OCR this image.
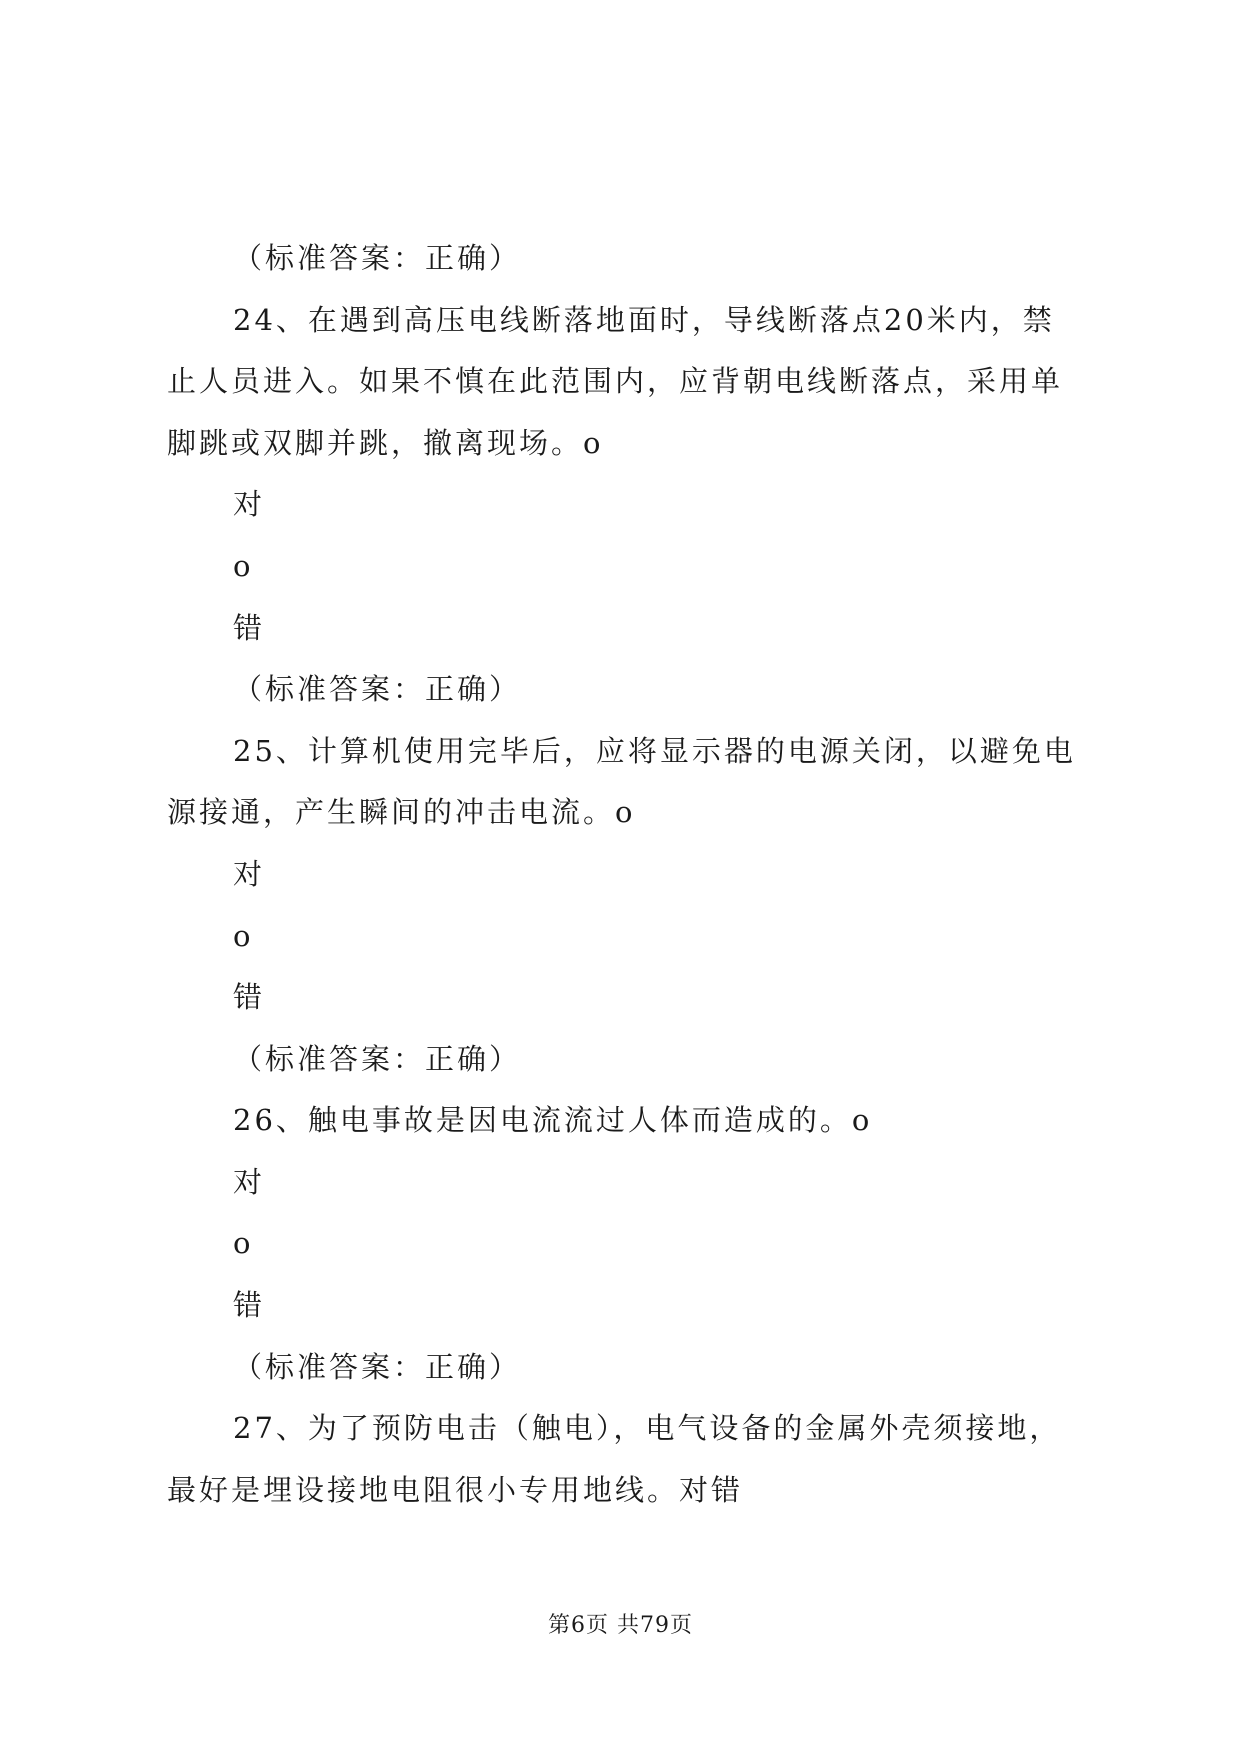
（标准答案：正确）
24、在遇到高压电线断落地面时，导线断落点20米内，禁
止人员进入。如果不慎在此范围内，应背朝电线断落点，采用单
脚跳或双脚并跳，撤离现场。o
对
o
错
（标准答案：正确）
25、计算机使用完毕后，应将显示器的电源关闭，以避免电
源接通，产生瞬间的冲击电流。o
对
o
错
（标准答案：正确）
26、触电事故是因电流流过人体而造成的。o
对
o
错
（标准答案：正确）
27、为了预防电击（触电），电气设备的金属外壳须接地，
最好是埋设接地电阻很小专用地线。对错
第6页 共79页
